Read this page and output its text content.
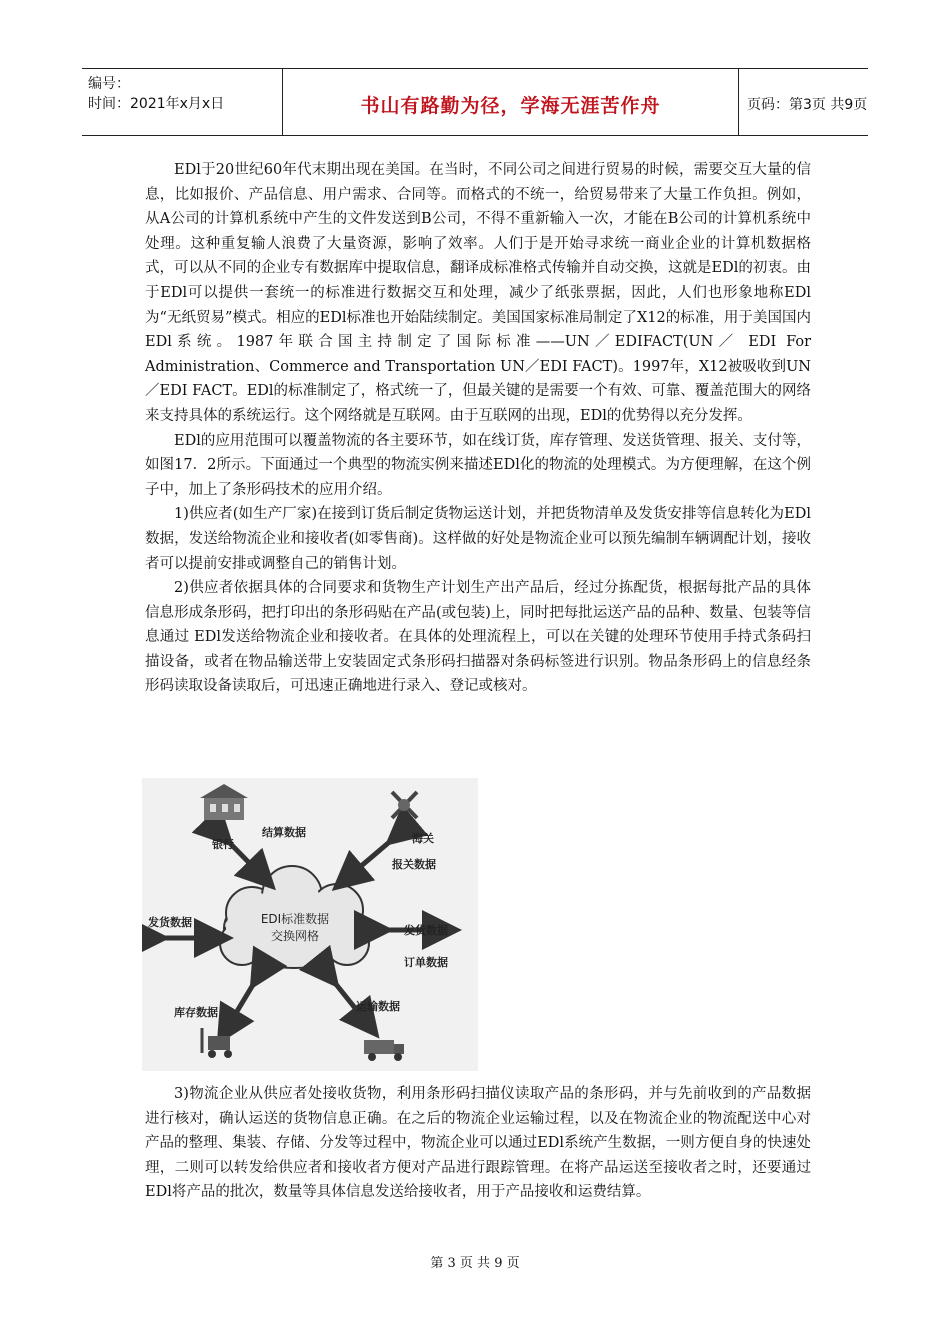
编号：
时间：2021年x月x日	书山有路勤为径，学海无涯苦作舟	页码：第3页 共9页

EDl于20世纪60年代末期出现在美国。在当时，不同公司之间进行贸易的时候，需要交互大量的信息，比如报价、产品信息、用户需求、合同等。而格式的不统一，给贸易带来了大量工作负担。例如，从A公司的计算机系统中产生的文件发送到B公司，不得不重新输入一次，才能在B公司的计算机系统中处理。这种重复输人浪费了大量资源，影响了效率。人们于是开始寻求统一商业企业的计算机数据格式，可以从不同的企业专有数据库中提取信息，翻译成标准格式传输并自动交换，这就是EDl的初衷。由于EDl可以提供一套统一的标准进行数据交互和处理，减少了纸张票据，因此，人们也形象地称EDl为“无纸贸易”模式。相应的EDl标准也开始陆续制定。美国国家标准局制定了X12的标准，用于美国国内 EDl系统。1987年联合国主持制定了国际标准——UN／EDIFACT(UN／ EDI For Administration、Commerce and Transportation UN／EDI FACT)。1997年，X12被吸收到UN／EDI FACT。EDl的标准制定了，格式统一了，但最关键的是需要一个有效、可靠、覆盖范围大的网络来支持具体的系统运行。这个网络就是互联网。由于互联网的出现，EDl的优势得以充分发挥。

EDl的应用范围可以覆盖物流的各主要环节，如在线订货，库存管理、发送货管理、报关、支付等，如图17．2所示。下面通过一个典型的物流实例来描述EDl化的物流的处理模式。为方便理解，在这个例子中，加上了条形码技术的应用介绍。

1)供应者(如生产厂家)在接到订货后制定货物运送计划，并把货物清单及发货安排等信息转化为EDl数据，发送给物流企业和接收者(如零售商)。这样做的好处是物流企业可以预先编制车辆调配计划，接收者可以提前安排或调整自己的销售计划。

2)供应者依据具体的合同要求和货物生产计划生产出产品后，经过分拣配货，根据每批产品的具体信息形成条形码，把打印出的条形码贴在产品(或包装)上，同时把每批运送产品的品种、数量、包装等信息通过 EDl发送给物流企业和接收者。在具体的处理流程上，可以在关键的处理环节使用手持式条码扫描设备，或者在物品输送带上安装固定式条形码扫描器对条码标签进行识别。物品条形码上的信息经条形码读取设备读取后，可迅速正确地进行录入、登记或核对。

EDI标准数据
交换网格
银行
结算数据	海关
报关数据
发货数据
发货数据
订单数据
库存数据	运输数据

3)物流企业从供应者处接收货物，利用条形码扫描仪读取产品的条形码，并与先前收到的产品数据进行核对，确认运送的货物信息正确。在之后的物流企业运输过程，以及在物流企业的物流配送中心对产品的整理、集装、存储、分发等过程中，物流企业可以通过EDl系统产生数据，一则方便自身的快速处理，二则可以转发给供应者和接收者方便对产品进行跟踪管理。在将产品运送至接收者之时，还要通过EDl将产品的批次，数量等具体信息发送给接收者，用于产品接收和运费结算。

第 3 页 共 9 页
